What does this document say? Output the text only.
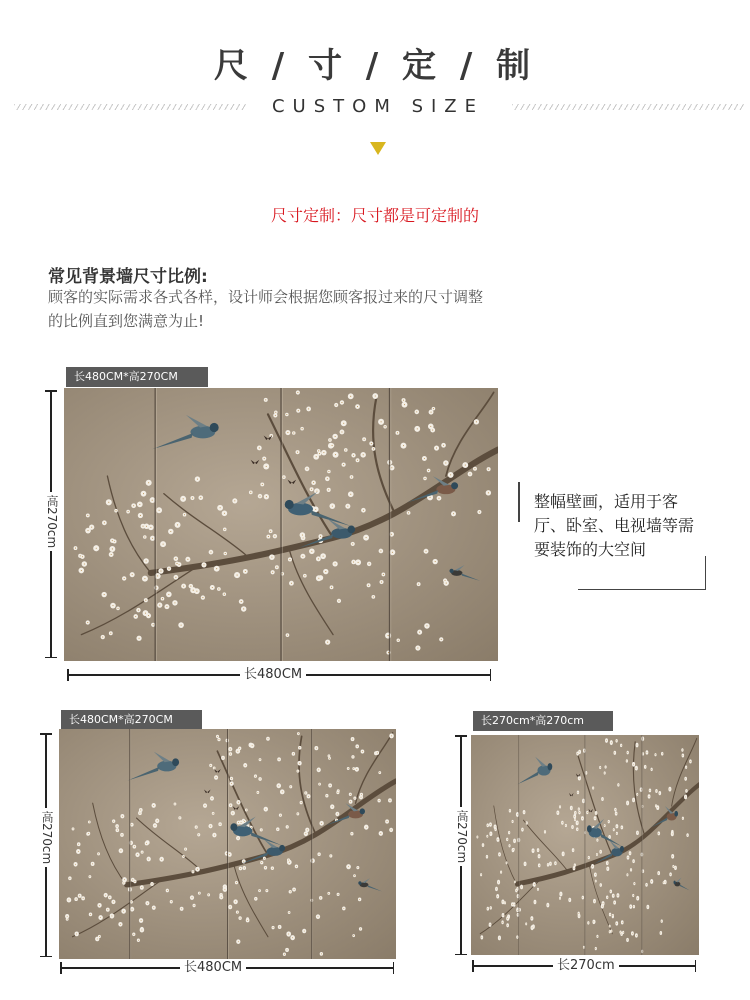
尺 / 寸 / 定 / 制
CUSTOM SIZE
尺寸定制：尺寸都是可定制的
常见背景墙尺寸比例:
顾客的实际需求各式各样，设计师会根据您顾客报过来的尺寸调整
的比例直到您满意为止!
长480CM*高270CM
高270cm
长480CM
整幅壁画，适用于客厅、卧室、电视墙等需要装饰的大空间
长480CM*高270CM
高270cm
长480CM
长270cm*高270cm
高270cm
长270cm
